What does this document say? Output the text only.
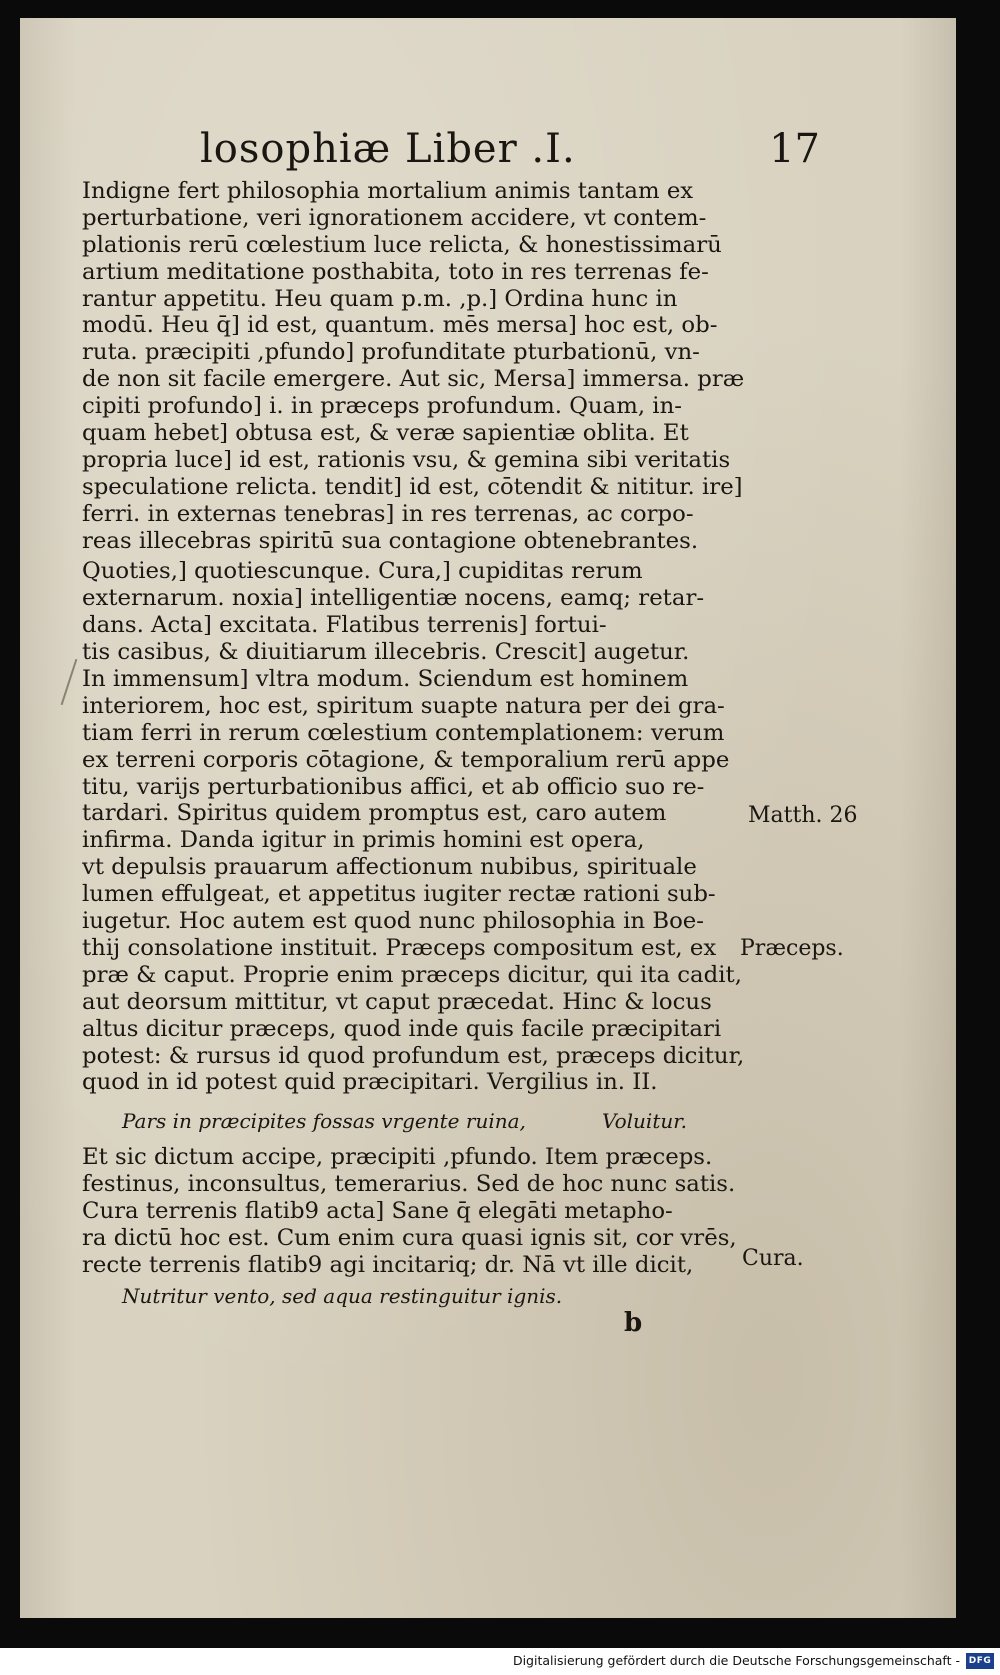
losophiæ Liber .I.	17
Indigne fert philosophia mortalium animis tantam ex
perturbatione, veri ignorationem accidere, vt contem-
plationis rerū cœlestium luce relicta, & honestissimarū
artium meditatione posthabita, toto in res terrenas fe-
rantur appetitu. Heu quam p.m. ,p.] Ordina hunc in
modū. Heu q̄] id est, quantum. mēs mersa] hoc est, ob-
ruta. præcipiti ,pfundo] profunditate pturbationū, vn-
de non sit facile emergere. Aut sic, Mersa] immersa. præ
cipiti profundo] i. in præceps profundum. Quam, in-
quam hebet] obtusa est, & veræ sapientiæ oblita. Et
propria luce] id est, rationis vsu, & gemina sibi veritatis
speculatione relicta. tendit] id est, cōtendit & nititur. ire]
ferri. in externas tenebras] in res terrenas, ac corpo-
reas illecebras spiritū sua contagione obtenebrantes.
Quoties,] quotiescunque. Cura,] cupiditas rerum
externarum. noxia] intelligentiæ nocens, eamq; retar-
dans. Acta] excitata. Flatibus terrenis] fortui-
tis casibus, & diuitiarum illecebris. Crescit] augetur.
In immensum] vltra modum. Sciendum est hominem
interiorem, hoc est, spiritum suapte natura per dei gra-
tiam ferri in rerum cœlestium contemplationem: verum
ex terreni corporis cōtagione, & temporalium rerū appe
titu, varijs perturbationibus affici, et ab officio suo re-
tardari. Spiritus quidem promptus est, caro autem
infirma. Danda igitur in primis homini est opera,
vt depulsis prauarum affectionum nubibus, spirituale
lumen effulgeat, et appetitus iugiter rectæ rationi sub-
iugetur. Hoc autem est quod nunc philosophia in Boe-
thij consolatione instituit. Præceps compositum est, ex
præ & caput. Proprie enim præceps dicitur, qui ita cadit,
aut deorsum mittitur, vt caput præcedat. Hinc & locus
altus dicitur præceps, quod inde quis facile præcipitari
potest: & rursus id quod profundum est, præceps dicitur,
quod in id potest quid præcipitari. Vergilius in. II.
Pars in præcipites fossas vrgente ruina,	Voluitur.
Et sic dictum accipe, præcipiti ,pfundo. Item præceps.
festinus, inconsultus, temerarius. Sed de hoc nunc satis.
Cura terrenis flatib9 acta] Sane q̄ elegāti metapho-
ra dictū hoc est. Cum enim cura quasi ignis sit, cor vrēs,
recte terrenis flatib9 agi incitariq; dr. Nā vt ille dicit,
Nutritur vento, sed aqua restinguitur ignis.
Matth. 26
Præceps.
Cura.
b
Digitalisierung gefördert durch die Deutsche Forschungsgemeinschaft - DFG
